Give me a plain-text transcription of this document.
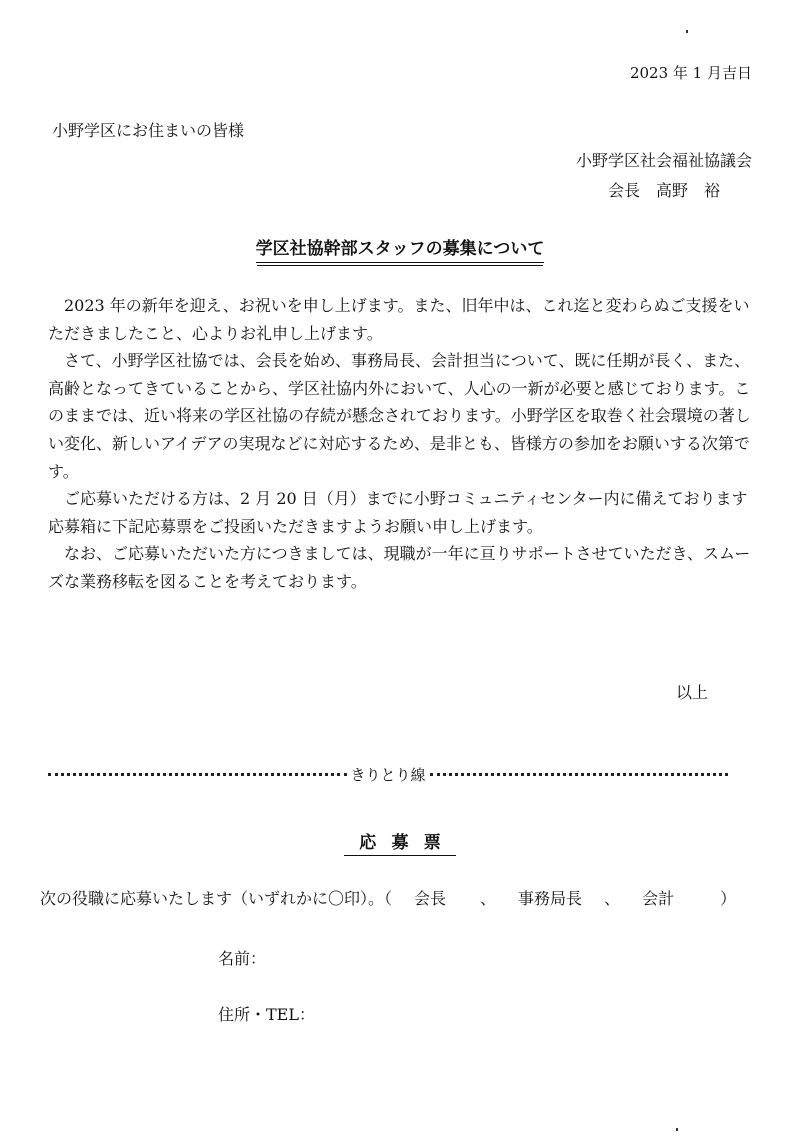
2023 年 1 月吉日
小野学区にお住まいの皆様
小野学区社会福祉協議会
会長　高野　裕
学区社協幹部スタッフの募集について

2023 年の新年を迎え、お祝いを申し上げます。また、旧年中は、これ迄と変わらぬご支援をいただきましたこと、心よりお礼申し上げます。

さて、小野学区社協では、会長を始め、事務局長、会計担当について、既に任期が長く、また、高齢となってきていることから、学区社協内外において、人心の一新が必要と感じております。このままでは、近い将来の学区社協の存続が懸念されております。小野学区を取巻く社会環境の著しい変化、新しいアイデアの実現などに対応するため、是非とも、皆様方の参加をお願いする次第です。

ご応募いただける方は、2 月 20 日（月）までに小野コミュニティセンター内に備えております応募箱に下記応募票をご投函いただきますようお願い申し上げます。

なお、ご応募いただいた方につきましては、現職が一年に亘りサポートさせていただき、スムーズな業務移転を図ることを考えております。

以上
きりとり線
応募票
次の役職に応募いたします（いずれかに〇印）。（ 会長 、 事務局長 、 会計	）
名前：
住所・TEL：
